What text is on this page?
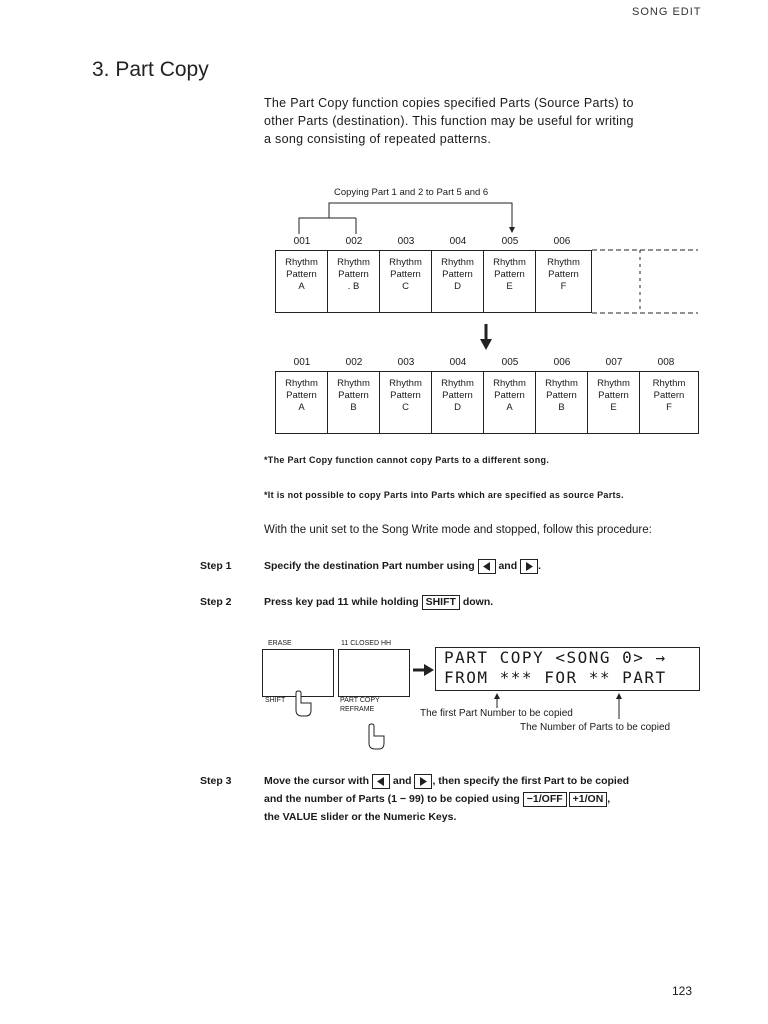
SONG EDIT
3. Part Copy
The Part Copy function copies specified Parts (Source Parts) to
other Parts (destination). This function may be useful for writing
a song consisting of repeated patterns.
Copying Part 1 and 2 to Part 5 and 6
001	002	003	004	005	006
Rhythm
Pattern
A
Rhythm
Pattern
. B
Rhythm
Pattern
C
Rhythm
Pattern
D
Rhythm
Pattern
E
Rhythm
Pattern
F
001	002	003	004	005	006	007	008
Rhythm
Pattern
A
Rhythm
Pattern
B
Rhythm
Pattern
C
Rhythm
Pattern
D
Rhythm
Pattern
A
Rhythm
Pattern
B
Rhythm
Pattern
E
Rhythm
Pattern
F
*The Part Copy function cannot copy Parts to a different song.
*It is not possible to copy Parts into Parts which are specified as source Parts.
With the unit set to the Song Write mode and stopped, follow this procedure:
Step 1	Specify the destination Part number using and .
Step 2	Press key pad 11 while holding SHIFT down.
ERASE	11 CLOSED HH
SHIFT	PART COPY
REFRAME
PART COPY <SONG 0> →
FROM *** FOR ** PART
The first Part Number to be copied
The Number of Parts to be copied
Step 3	Move the cursor with and , then specify the first Part to be copied
and the number of Parts (1 − 99) to be copied using −1/OFF +1/ON ,
the VALUE slider or the Numeric Keys.
123
